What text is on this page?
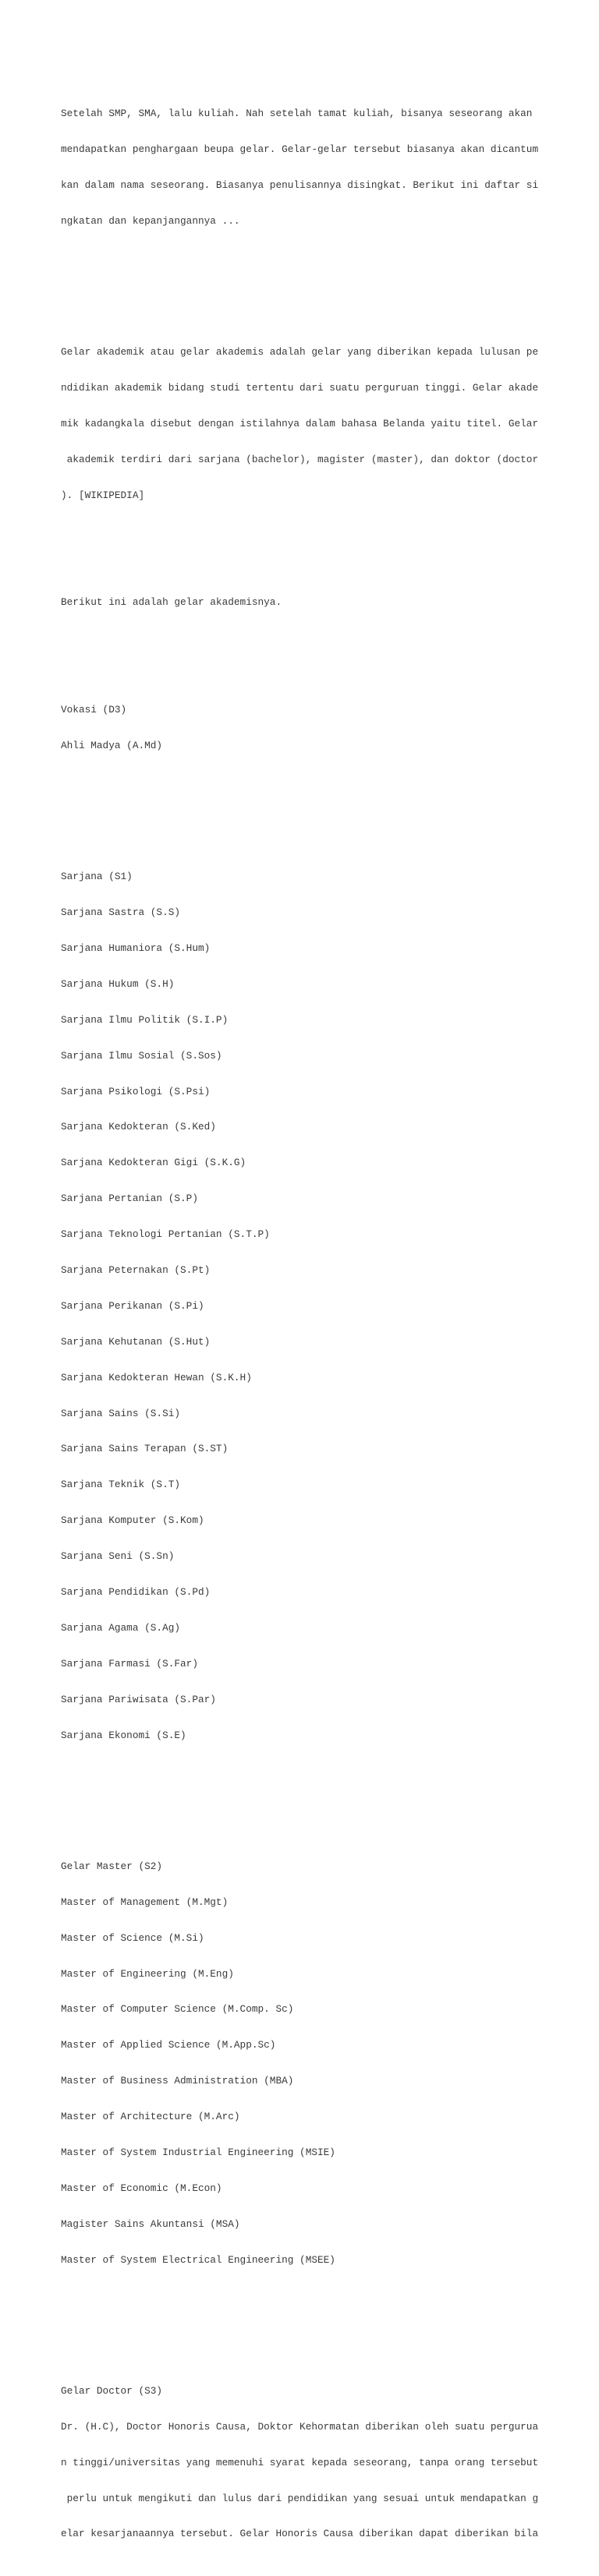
Setelah SMP, SMA, lalu kuliah. Nah setelah tamat kuliah, bisanya seseorang akan

mendapatkan penghargaan beupa gelar. Gelar-gelar tersebut biasanya akan dicantum

kan dalam nama seseorang. Biasanya penulisannya disingkat. Berikut ini daftar si

ngkatan dan kepanjangannya ...

Gelar akademik atau gelar akademis adalah gelar yang diberikan kepada lulusan pe

ndidikan akademik bidang studi tertentu dari suatu perguruan tinggi. Gelar akade

mik kadangkala disebut dengan istilahnya dalam bahasa Belanda yaitu titel. Gelar

akademik terdiri dari sarjana (bachelor), magister (master), dan doktor (doctor

). [WIKIPEDIA]

Berikut ini adalah gelar akademisnya.

Vokasi (D3)

Ahli Madya (A.Md)

Sarjana (S1)

Sarjana Sastra (S.S)

Sarjana Humaniora (S.Hum)

Sarjana Hukum (S.H)

Sarjana Ilmu Politik (S.I.P)

Sarjana Ilmu Sosial (S.Sos)

Sarjana Psikologi (S.Psi)

Sarjana Kedokteran (S.Ked)

Sarjana Kedokteran Gigi (S.K.G)

Sarjana Pertanian (S.P)

Sarjana Teknologi Pertanian (S.T.P)

Sarjana Peternakan (S.Pt)

Sarjana Perikanan (S.Pi)

Sarjana Kehutanan (S.Hut)

Sarjana Kedokteran Hewan (S.K.H)

Sarjana Sains (S.Si)

Sarjana Sains Terapan (S.ST)

Sarjana Teknik (S.T)

Sarjana Komputer (S.Kom)

Sarjana Seni (S.Sn)

Sarjana Pendidikan (S.Pd)

Sarjana Agama (S.Ag)

Sarjana Farmasi (S.Far)

Sarjana Pariwisata (S.Par)

Sarjana Ekonomi (S.E)

Gelar Master (S2)

Master of Management (M.Mgt)

Master of Science (M.Si)

Master of Engineering (M.Eng)

Master of Computer Science (M.Comp. Sc)

Master of Applied Science (M.App.Sc)

Master of Business Administration (MBA)

Master of Architecture (M.Arc)

Master of System Industrial Engineering (MSIE)

Master of Economic (M.Econ)

Magister Sains Akuntansi (MSA)

Master of System Electrical Engineering (MSEE)

Gelar Doctor (S3)

Dr. (H.C), Doctor Honoris Causa, Doktor Kehormatan diberikan oleh suatu pergurua

n tinggi/universitas yang memenuhi syarat kepada seseorang, tanpa orang tersebut

perlu untuk mengikuti dan lulus dari pendidikan yang sesuai untuk mendapatkan g

elar kesarjanaannya tersebut. Gelar Honoris Causa diberikan dapat diberikan bila
